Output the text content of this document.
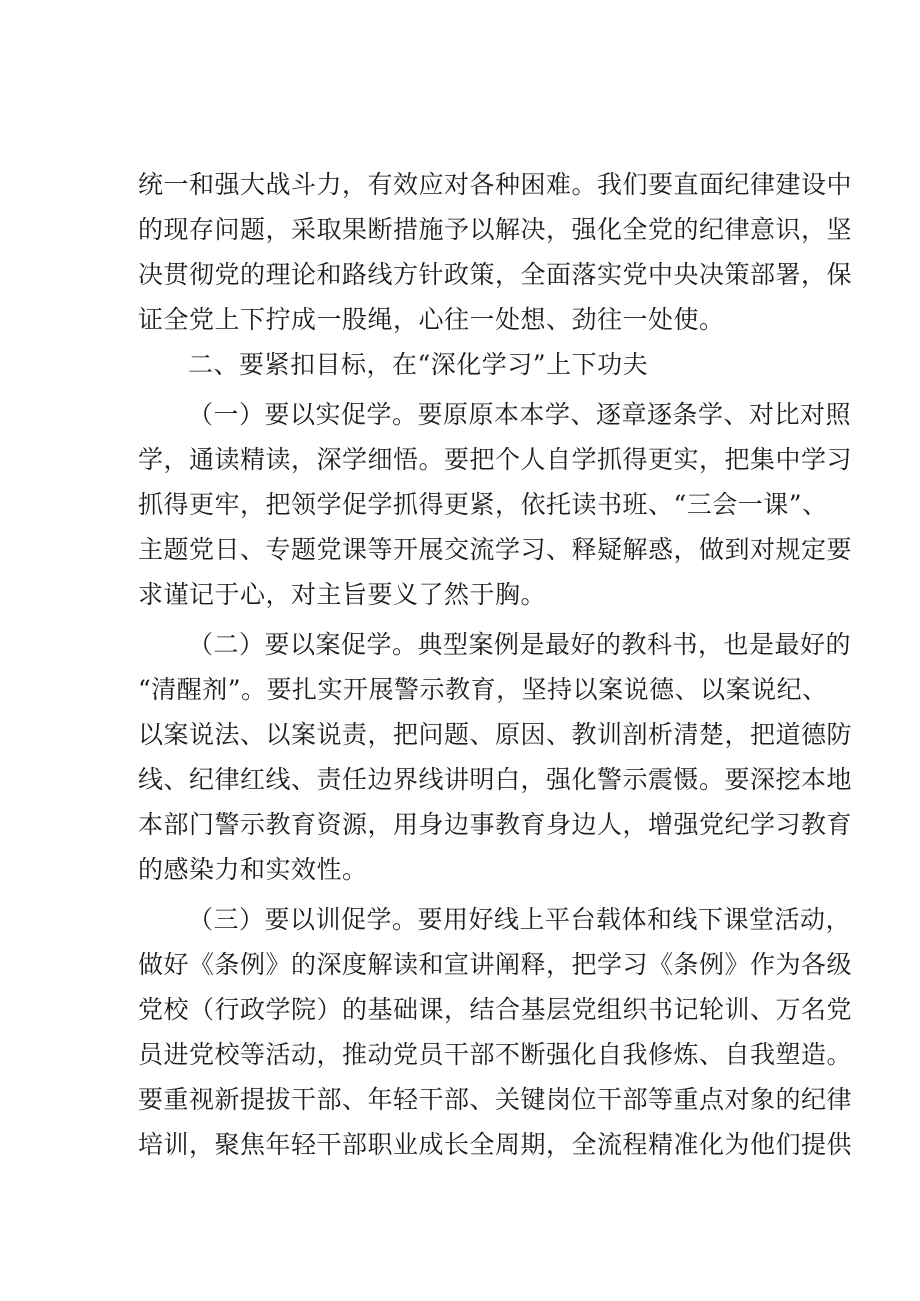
统一和强大战斗力，有效应对各种困难。我们要直面纪律建设中
的现存问题，采取果断措施予以解决，强化全党的纪律意识，坚
决贯彻党的理论和路线方针政策，全面落实党中央决策部署，保
证全党上下拧成一股绳，心往一处想、劲往一处使。
二、要紧扣目标，在“深化学习”上下功夫
（一）要以实促学。要原原本本学、逐章逐条学、对比对照
学，通读精读，深学细悟。要把个人自学抓得更实，把集中学习
抓得更牢，把领学促学抓得更紧，依托读书班、“三会一课”、
主题党日、专题党课等开展交流学习、释疑解惑，做到对规定要
求谨记于心，对主旨要义了然于胸。
（二）要以案促学。典型案例是最好的教科书，也是最好的
“清醒剂”。要扎实开展警示教育，坚持以案说德、以案说纪、
以案说法、以案说责，把问题、原因、教训剖析清楚，把道德防
线、纪律红线、责任边界线讲明白，强化警示震慑。要深挖本地
本部门警示教育资源，用身边事教育身边人，增强党纪学习教育
的感染力和实效性。
（三）要以训促学。要用好线上平台载体和线下课堂活动，
做好《条例》的深度解读和宣讲阐释，把学习《条例》作为各级
党校（行政学院）的基础课，结合基层党组织书记轮训、万名党
员进党校等活动，推动党员干部不断强化自我修炼、自我塑造。
要重视新提拔干部、年轻干部、关键岗位干部等重点对象的纪律
培训，聚焦年轻干部职业成长全周期，全流程精准化为他们提供
